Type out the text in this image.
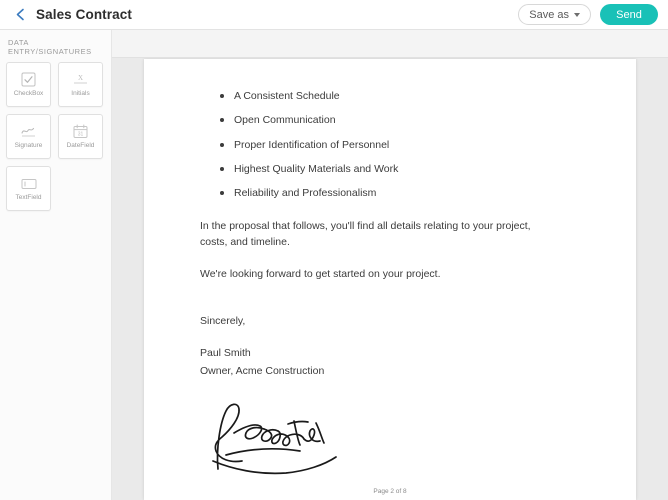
Sales Contract	Save as	Send
DATA ENTRY/SIGNATURES
CheckBox
X
Initials
Signature
31
DateField
TextField
A Consistent Schedule
Open Communication
Proper Identification of Personnel
Highest Quality Materials and Work
Reliability and Professionalism

In the proposal that follows, you'll find all details relating to your project, costs, and timeline.

We're looking forward to get started on your project.

Sincerely,

Paul Smith

Owner, Acme Construction

Page 2 of 8
